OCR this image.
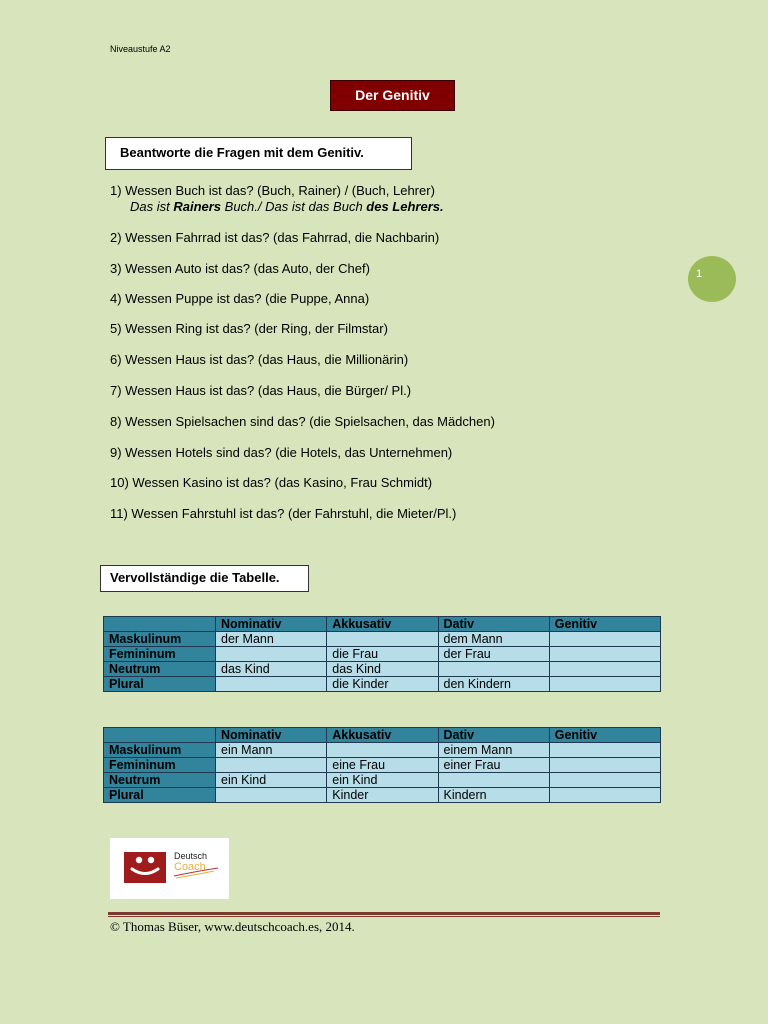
Niveaustufe A2
Der Genitiv
1
Beantworte die Fragen mit dem Genitiv.
1) Wessen Buch ist das? (Buch, Rainer) / (Buch, Lehrer)
Das ist Rainers Buch./ Das ist das Buch des Lehrers.
2) Wessen Fahrrad ist das? (das Fahrrad, die Nachbarin)
3) Wessen Auto ist das? (das Auto, der Chef)
4) Wessen Puppe ist das? (die Puppe, Anna)
5) Wessen Ring ist das? (der Ring, der Filmstar)
6) Wessen Haus ist das? (das Haus, die Millionärin)
7) Wessen Haus ist das? (das Haus, die Bürger/ Pl.)
8) Wessen Spielsachen sind das? (die Spielsachen, das Mädchen)
9) Wessen Hotels sind das? (die Hotels, das Unternehmen)
10) Wessen Kasino ist das? (das Kasino, Frau Schmidt)
11) Wessen Fahrstuhl ist das? (der Fahrstuhl, die Mieter/Pl.)
Vervollständige die Tabelle.
	Nominativ	Akkusativ	Dativ	Genitiv
Maskulinum	der Mann		dem Mann	
Femininum		die Frau	der Frau	
Neutrum	das Kind	das Kind		
Plural		die Kinder	den Kindern	
	Nominativ	Akkusativ	Dativ	Genitiv
Maskulinum	ein Mann		einem Mann	
Femininum		eine Frau	einer Frau	
Neutrum	ein Kind	ein Kind		
Plural		Kinder	Kindern	
Deutsch
Coach
© Thomas Büser, www.deutschcoach.es, 2014.
